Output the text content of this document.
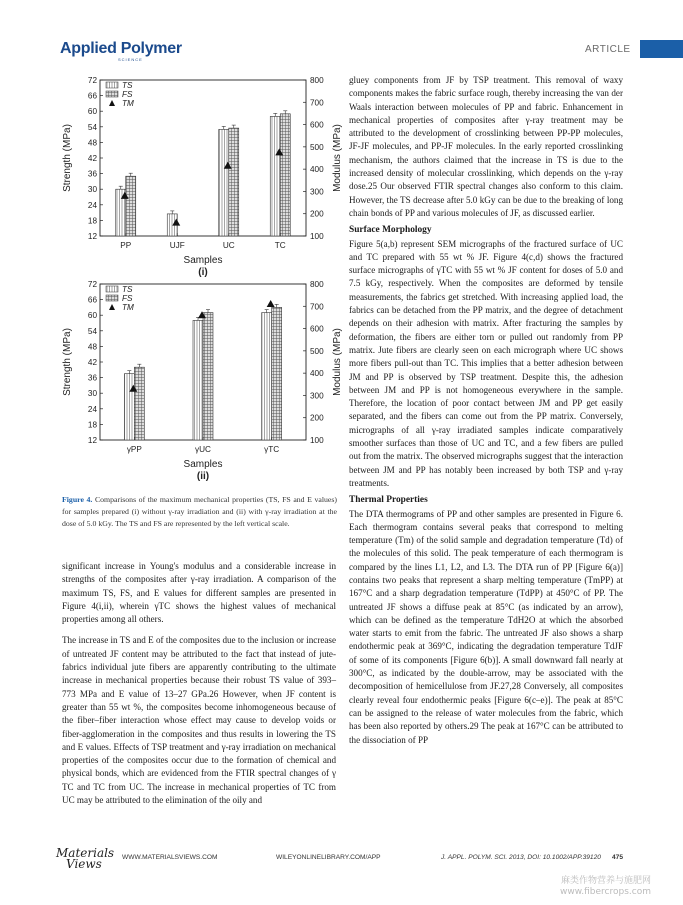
Applied Polymer
SCIENCE
ARTICLE
12
18
24
30
36
42
48
54
60
66
72
100
200
300
400
500
600
700
800
Strength (MPa)	Modulus (MPa)
Samples
(i)
PP	UJF	UC	TC
TS
FS
TM
12
18
24
30
36
42
48
54
60
66
72
100
200
300
400
500
600
700
800
Strength (MPa)	Modulus (MPa)
Samples
(ii)
γPP	γUC	γTC
TS
FS
TM
Figure 4. Comparisons of the maximum mechanical properties (TS, FS and E values) for samples prepared (i) without γ-ray irradiation and (ii) with γ-ray irradiation at the dose of 5.0 kGy. The TS and FS are represented by the left vertical scale.

significant increase in Young's modulus and a considerable increase in strengths of the composites after γ-ray irradiation. A comparison of the maximum TS, FS, and E values for different samples are presented in Figure 4(i,ii), wherein γTC shows the highest values of mechanical properties among all others.

The increase in TS and E of the composites due to the inclusion or increase of untreated JF content may be attributed to the fact that instead of jute-fabrics individual jute fibers are apparently contributing to the ultimate increase in mechanical properties because their robust TS value of 393–773 MPa and E value of 13–27 GPa.26 However, when JF content is greater than 55 wt %, the composites become inhomogeneous because of the fiber–fiber interaction whose effect may cause to develop voids or fiber-agglomeration in the composites and thus results in lowering the TS and E values. Effects of TSP treatment and γ-ray irradiation on mechanical properties of the composites occur due to the formation of chemical and physical bonds, which are evidenced from the FTIR spectral changes of γ TC and TC from UC. The increase in mechanical properties of TC from UC may be attributed to the elimination of the oily and

gluey components from JF by TSP treatment. This removal of waxy components makes the fabric surface rough, thereby increasing the van der Waals interaction between molecules of PP and fabric. Enhancement in mechanical properties of composites after γ-ray treatment may be attributed to the development of crosslinking between PP-PP molecules, JF-JF molecules, and PP-JF molecules. In the early reported crosslinking mechanism, the authors claimed that the increase in TS is due to the increased density of molecular crosslinking, which depends on the γ-ray dose.25 Our observed FTIR spectral changes also conform to this claim. However, the TS decrease after 5.0 kGy can be due to the breaking of long chain bonds of PP and various molecules of JF, as discussed earlier.

Surface Morphology

Figure 5(a,b) represent SEM micrographs of the fractured surface of UC and TC prepared with 55 wt % JF. Figure 4(c,d) shows the fractured surface micrographs of γTC with 55 wt % JF content for doses of 5.0 and 7.5 kGy, respectively. When the composites are deformed by tensile measurements, the fabrics get stretched. With increasing applied load, the fabrics can be detached from the PP matrix, and the degree of detachment depends on their adhesion with matrix. After fracturing the samples by deformation, the fibers are either torn or pulled out randomly from PP matrix. Jute fibers are clearly seen on each micrograph where UC shows more fibers pull-out than TC. This implies that a better adhesion between JM and PP is observed by TSP treatment. Despite this, the adhesion between JM and PP is not homogeneous everywhere in the sample. Therefore, the location of poor contact between JM and PP get easily separated, and the fibers can come out from the PP matrix. Conversely, micrographs of all γ-ray irradiated samples indicate comparatively smoother surfaces than those of UC and TC, and a few fibers are pulled out from the matrix. The observed micrographs suggest that the interaction between JM and PP has notably been increased by both TSP and γ-ray treatments.

Thermal Properties

The DTA thermograms of PP and other samples are presented in Figure 6. Each thermogram contains several peaks that correspond to melting temperature (Tm) of the solid sample and degradation temperature (Td) of the molecules of this solid. The peak temperature of each thermogram is compared by the lines L1, L2, and L3. The DTA run of PP [Figure 6(a)] contains two peaks that represent a sharp melting temperature (TmPP) at 167°C and a sharp degradation temperature (TdPP) at 450°C of PP. The untreated JF shows a diffuse peak at 85°C (as indicated by an arrow), which can be defined as the temperature TdH2O at which the absorbed water starts to emit from the fabric. The untreated JF also shows a sharp endothermic peak at 369°C, indicating the degradation temperature TdJF of some of its components [Figure 6(b)]. A small downward fall nearly at 300°C, as indicated by the double-arrow, may be associated with the decomposition of hemicellulose from JF.27,28 Conversely, all composites clearly reveal four endothermic peaks [Figure 6(c–e)]. The peak at 85°C can be assigned to the release of water molecules from the fabric, which has been also reported by others.29 The peak at 167°C can be attributed to the dissociation of PP

Materials
Views	WWW.MATERIALSVIEWS.COM	WILEYONLINELIBRARY.COM/APP	J. APPL. POLYM. SCI. 2013, DOI: 10.1002/APP.39120 475
麻类作物营养与施肥网
www.fibercrops.com
